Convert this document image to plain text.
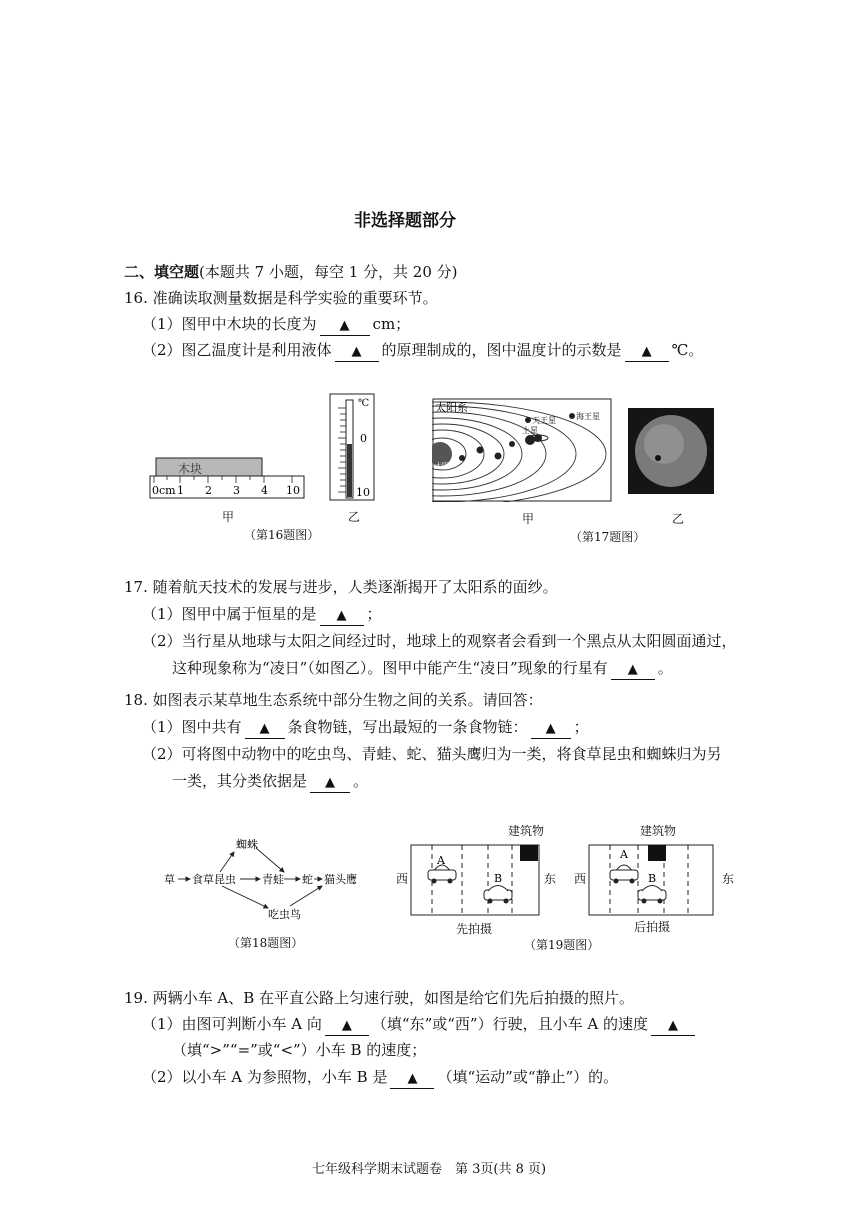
非选择题部分
二、填空题(本题共 7 小题，每空 1 分，共 20 分)
16. 准确读取测量数据是科学实验的重要环节。
（1）图甲中木块的长度为 ▲ cm；
（2）图乙温度计是利用液体 ▲ 的原理制成的，图中温度计的示数是 ▲ ℃。
木块
0cm 1 2 3 4 10
℃
0
10
甲	乙
（第16题图）
太阳系
天王星	海王星
土星
太阳
甲	乙
（第17题图）
17. 随着航天技术的发展与进步，人类逐渐揭开了太阳系的面纱。
（1）图甲中属于恒星的是 ▲ ；
（2）当行星从地球与太阳之间经过时，地球上的观察者会看到一个黑点从太阳圆面通过，
这种现象称为“凌日”（如图乙）。图甲中能产生“凌日”现象的行星有 ▲ 。
18. 如图表示某草地生态系统中部分生物之间的关系。请回答：
（1）图中共有 ▲ 条食物链，写出最短的一条食物链： ▲ ；
（2）可将图中动物中的吃虫鸟、青蛙、蛇、猫头鹰归为一类，将食草昆虫和蜘蛛归为另
一类，其分类依据是 ▲ 。
草 食草昆虫
蜘蛛
青蛙 蛇 猫头鹰
吃虫鸟
（第18题图）
建筑物
西	东
A
B
先拍摄
建筑物
西	东
A
B
后拍摄
（第19题图）
19. 两辆小车 A、B 在平直公路上匀速行驶，如图是给它们先后拍摄的照片。
（1）由图可判断小车 A 向 ▲ （填“东”或“西”）行驶，且小车 A 的速度 ▲
（填“>”“=”或“<”）小车 B 的速度；
（2）以小车 A 为参照物，小车 B 是 ▲ （填“运动”或“静止”）的。
七年级科学期末试题卷　第 3页(共 8 页)
